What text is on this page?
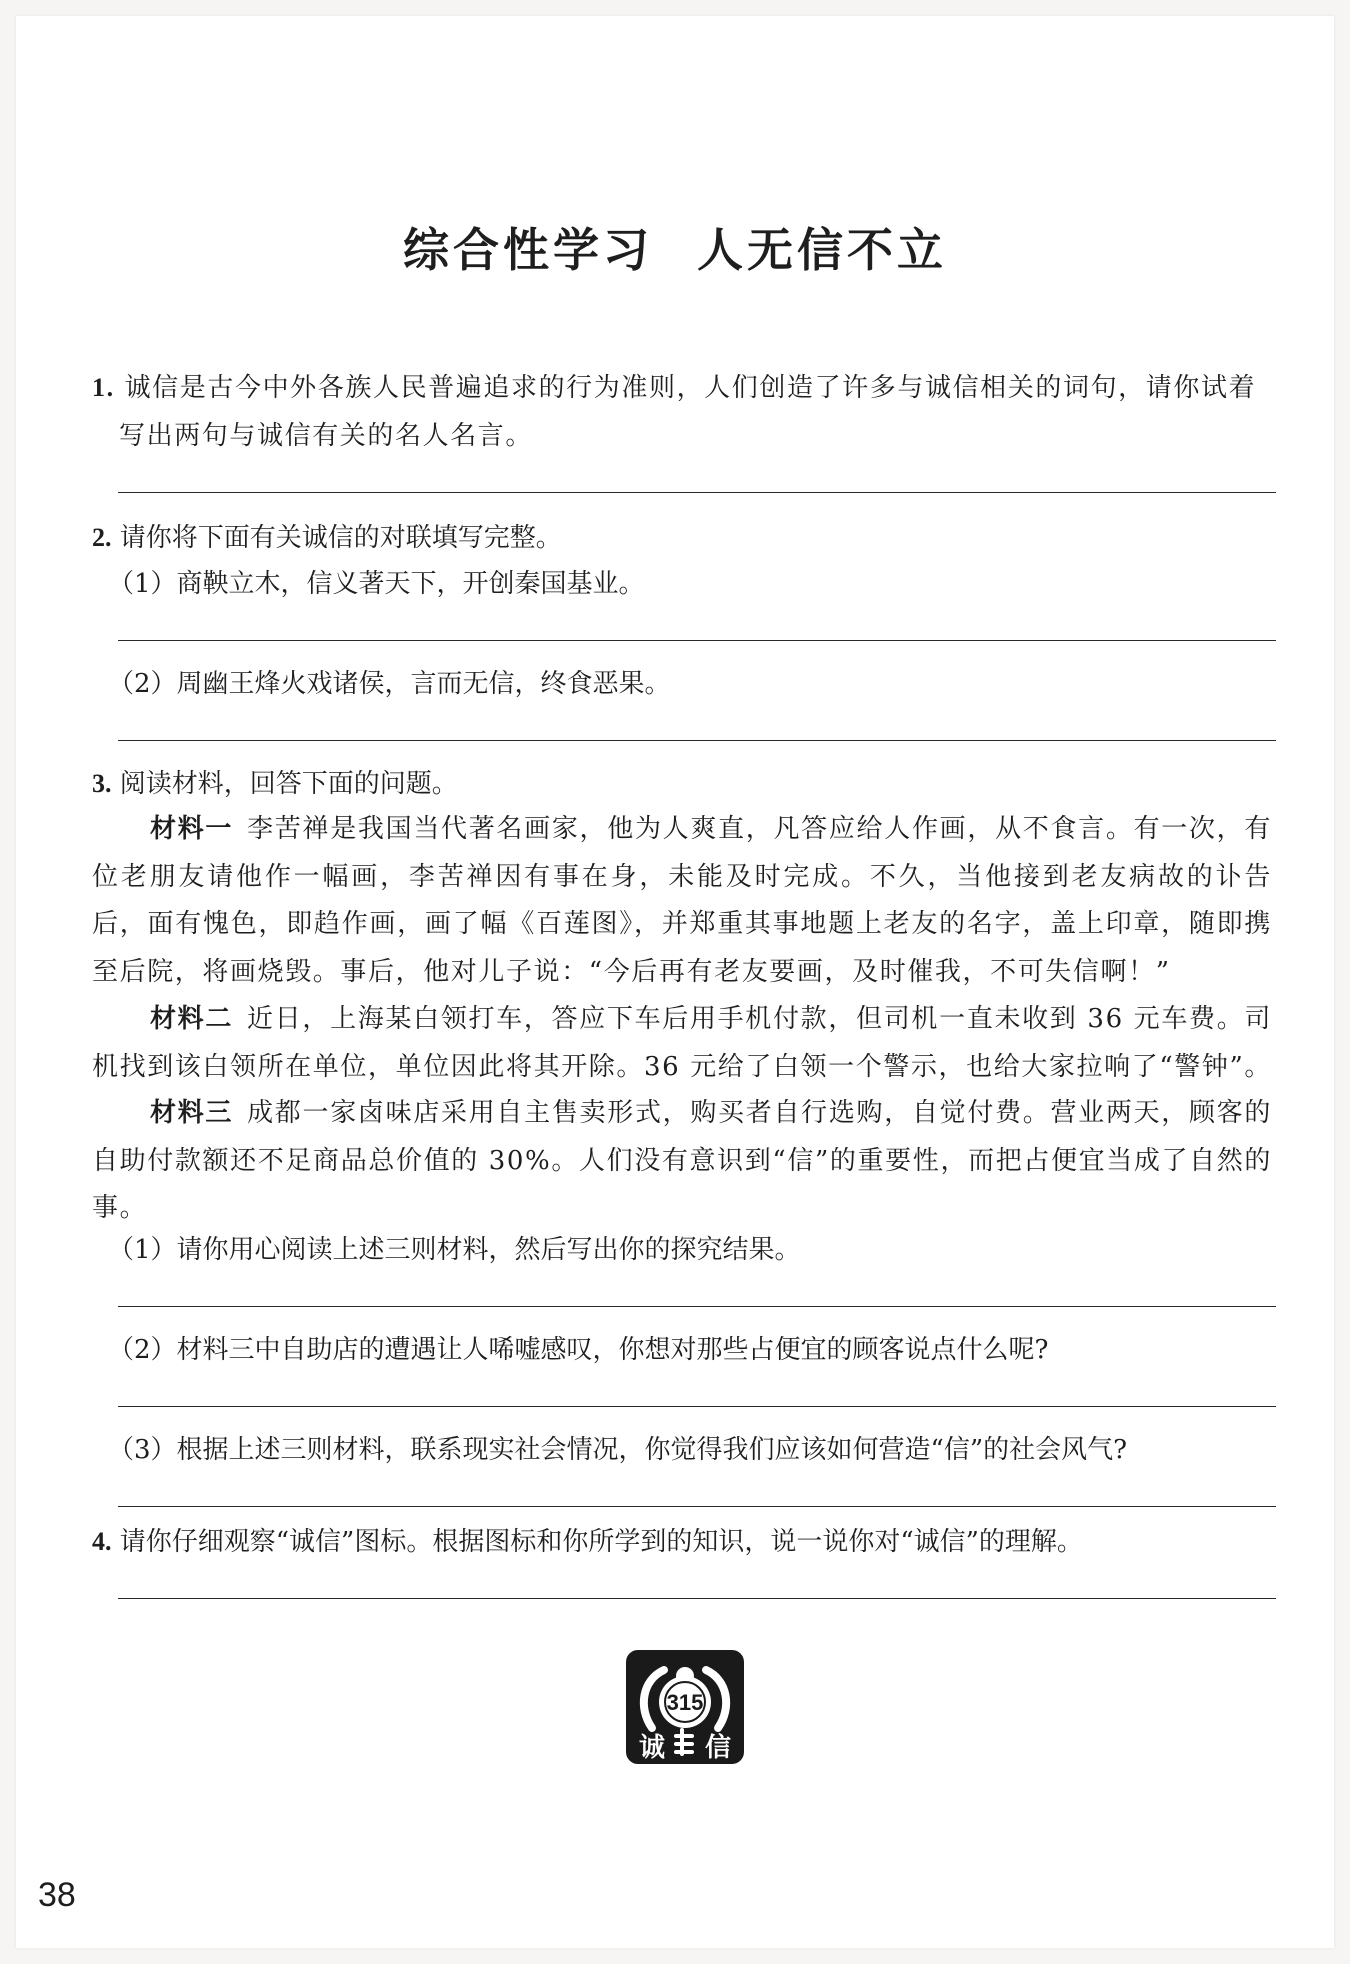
综合性学习 人无信不立
1. 诚信是古今中外各族人民普遍追求的行为准则，人们创造了许多与诚信相关的词句，请你试着
写出两句与诚信有关的名人名言。
2. 请你将下面有关诚信的对联填写完整。
（1）商鞅立木，信义著天下，开创秦国基业。
（2）周幽王烽火戏诸侯，言而无信，终食恶果。
3. 阅读材料，回答下面的问题。
材料一 李苦禅是我国当代著名画家，他为人爽直，凡答应给人作画，从不食言。有一次，有位老朋友请他作一幅画，李苦禅因有事在身，未能及时完成。不久，当他接到老友病故的讣告后，面有愧色，即趋作画，画了幅《百莲图》，并郑重其事地题上老友的名字，盖上印章，随即携至后院，将画烧毁。事后，他对儿子说：“今后再有老友要画，及时催我，不可失信啊！”
材料二 近日，上海某白领打车，答应下车后用手机付款，但司机一直未收到 36 元车费。司机找到该白领所在单位，单位因此将其开除。36 元给了白领一个警示，也给大家拉响了“警钟”。
材料三 成都一家卤味店采用自主售卖形式，购买者自行选购，自觉付费。营业两天，顾客的自助付款额还不足商品总价值的 30%。人们没有意识到“信”的重要性，而把占便宜当成了自然的事。
（1）请你用心阅读上述三则材料，然后写出你的探究结果。
（2）材料三中自助店的遭遇让人唏嘘感叹，你想对那些占便宜的顾客说点什么呢?
（3）根据上述三则材料，联系现实社会情况，你觉得我们应该如何营造“信”的社会风气?
4. 请你仔细观察“诚信”图标。根据图标和你所学到的知识，说一说你对“诚信”的理解。
315
诚 信
38
